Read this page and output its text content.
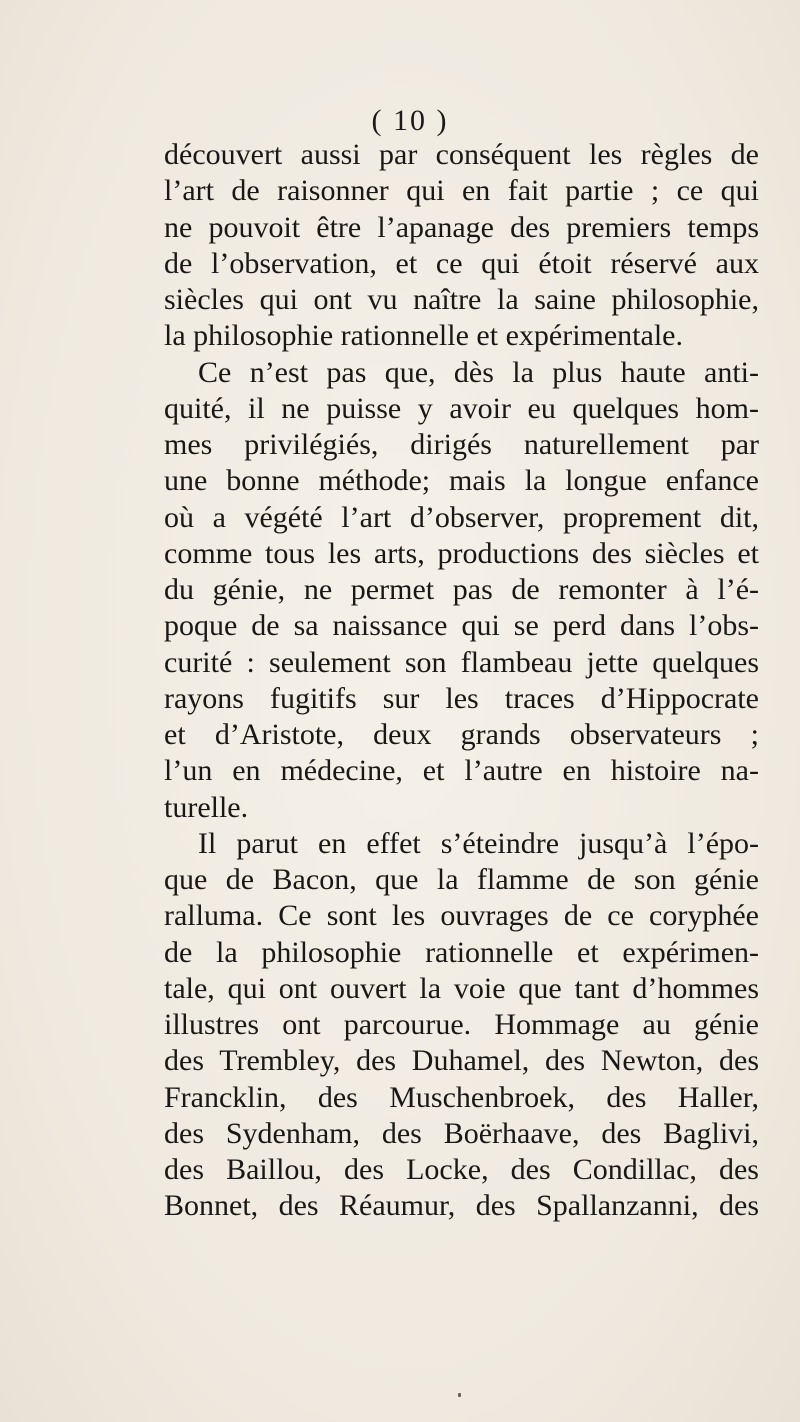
( 10 )
découvert aussi par conséquent les règles de
l’art de raisonner qui en fait partie ; ce qui
ne pouvoit être l’apanage des premiers temps
de l’observation, et ce qui étoit réservé aux
siècles qui ont vu naître la saine philosophie,
la philosophie rationnelle et expérimentale.
Ce n’est pas que, dès la plus haute anti-
quité, il ne puisse y avoir eu quelques hom-
mes privilégiés, dirigés naturellement par
une bonne méthode; mais la longue enfance
où a végété l’art d’observer, proprement dit,
comme tous les arts, productions des siècles et
du génie, ne permet pas de remonter à l’é-
poque de sa naissance qui se perd dans l’obs-
curité : seulement son flambeau jette quelques
rayons fugitifs sur les traces d’Hippocrate
et d’Aristote, deux grands observateurs ;
l’un en médecine, et l’autre en histoire na-
turelle.
Il parut en effet s’éteindre jusqu’à l’épo-
que de Bacon, que la flamme de son génie
ralluma. Ce sont les ouvrages de ce coryphée
de la philosophie rationnelle et expérimen-
tale, qui ont ouvert la voie que tant d’hommes
illustres ont parcourue. Hommage au génie
des Trembley, des Duhamel, des Newton, des
Francklin, des Muschenbroek, des Haller,
des Sydenham, des Boërhaave, des Baglivi,
des Baillou, des Locke, des Condillac, des
Bonnet, des Réaumur, des Spallanzanni, des
